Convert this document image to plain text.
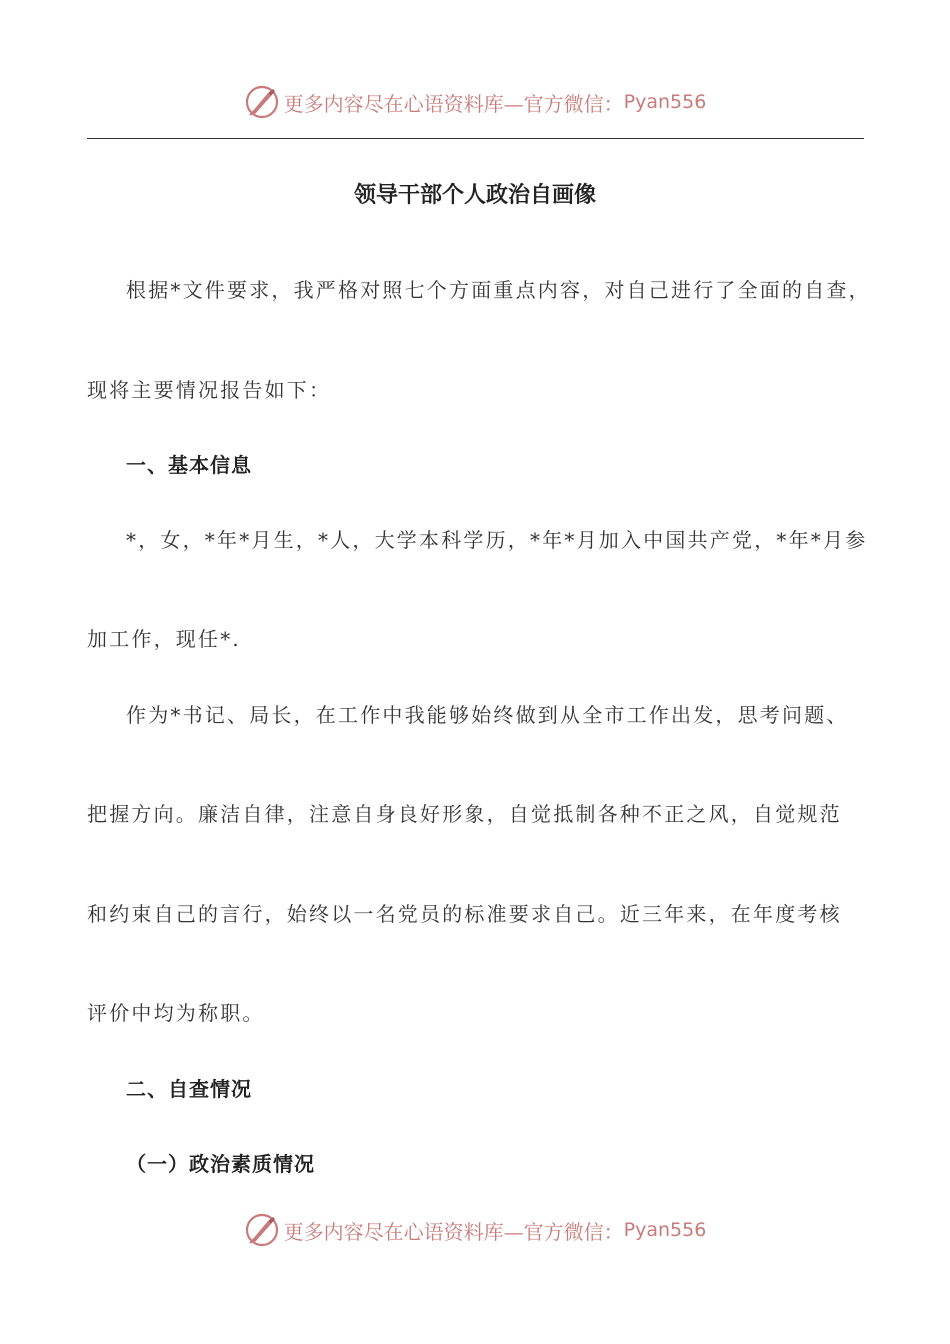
更多内容尽在心语资料库—官方微信： Pyan556
领导干部个人政治自画像
根据*文件要求，我严格对照七个方面重点内容，对自己进行了全面的自查，
现将主要情况报告如下：
一、基本信息
*，女，*年*月生，*人，大学本科学历，*年*月加入中国共产党，*年*月参
加工作，现任*.
作为*书记、局长，在工作中我能够始终做到从全市工作出发，思考问题、
把握方向。廉洁自律，注意自身良好形象，自觉抵制各种不正之风，自觉规范
和约束自己的言行，始终以一名党员的标准要求自己。近三年来，在年度考核
评价中均为称职。
二、自查情况
（一）政治素质情况
更多内容尽在心语资料库—官方微信： Pyan556
